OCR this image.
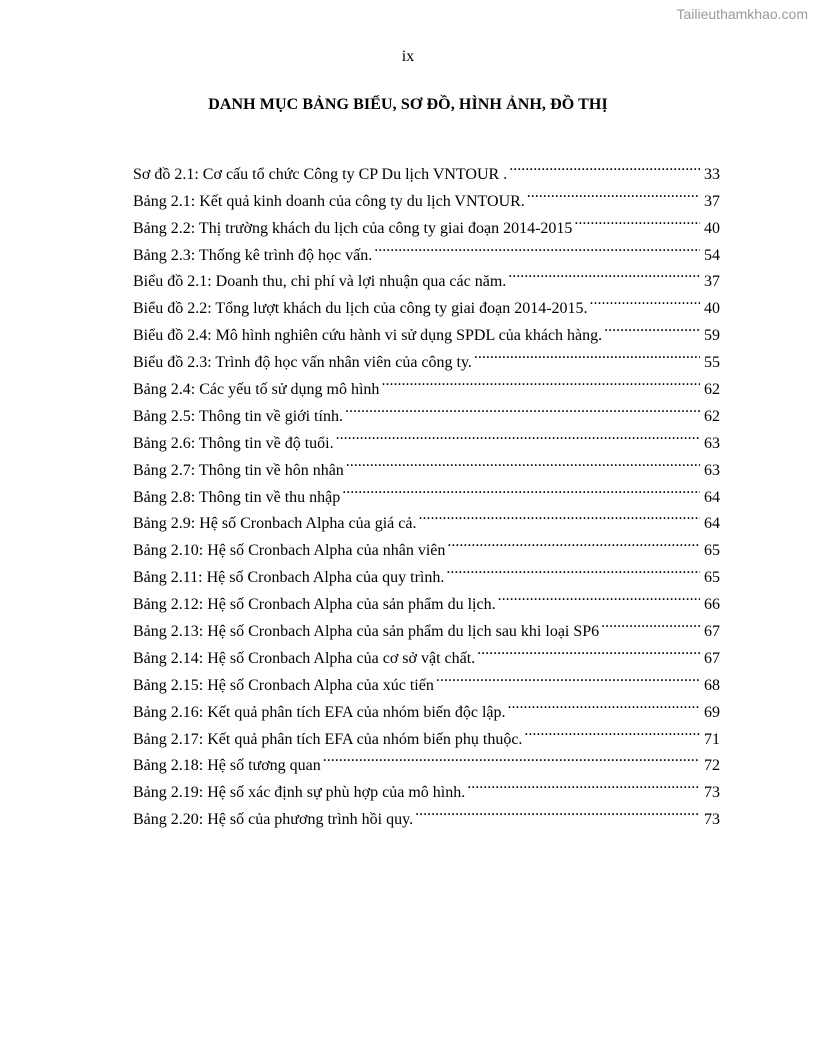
Tailieuthamkhao.com
ix
DANH MỤC BẢNG BIỂU, SƠ ĐỒ, HÌNH ẢNH, ĐỒ THỊ
Sơ đồ 2.1: Cơ cấu tổ chức Công ty CP Du lịch VNTOUR . .....	33
Bảng 2.1: Kết quả kinh doanh của công ty du lịch VNTOUR. .....	37
Bảng 2.2: Thị trường khách du lịch của công ty giai đoạn 2014-2015 .....	40
Bảng 2.3: Thống kê trình độ học vấn. .....	54
Biểu đồ 2.1: Doanh thu, chi phí và lợi nhuận qua các năm. .....	37
Biểu đồ 2.2: Tổng lượt khách du lịch của công ty giai đoạn 2014-2015. .....	40
Biểu đồ 2.4: Mô hình nghiên cứu hành vi sử dụng SPDL của khách hàng. .....	59
Biểu đồ 2.3: Trình độ học vấn nhân viên của công ty. .....	55
Bảng 2.4: Các yếu tố sử dụng mô hình .....	62
Bảng 2.5: Thông tin về giới tính. .....	62
Bảng 2.6: Thông tin về độ tuổi. .....	63
Bảng 2.7: Thông tin về hôn nhân .....	63
Bảng 2.8: Thông tin về thu nhập .....	64
Bảng 2.9: Hệ số Cronbach Alpha của giá cả. .....	64
Bảng 2.10: Hệ số Cronbach Alpha của nhân viên .....	65
Bảng 2.11: Hệ số Cronbach Alpha của quy trình. .....	65
Bảng 2.12: Hệ số Cronbach Alpha của sản phẩm du lịch. .....	66
Bảng 2.13: Hệ số Cronbach Alpha của sản phẩm du lịch sau khi loại SP6 .....	67
Bảng 2.14: Hệ số Cronbach Alpha của cơ sở vật chất. .....	67
Bảng 2.15: Hệ số Cronbach Alpha của xúc tiến .....	68
Bảng 2.16: Kết quả phân tích EFA của nhóm biến độc lập. .....	69
Bảng 2.17: Kết quả phân tích EFA của nhóm biến phụ thuộc. .....	71
Bảng 2.18: Hệ số tương quan .....	72
Bảng 2.19: Hệ số xác định sự phù hợp của mô hình. .....	73
Bảng 2.20: Hệ số của phương trình hồi quy. .....	73
